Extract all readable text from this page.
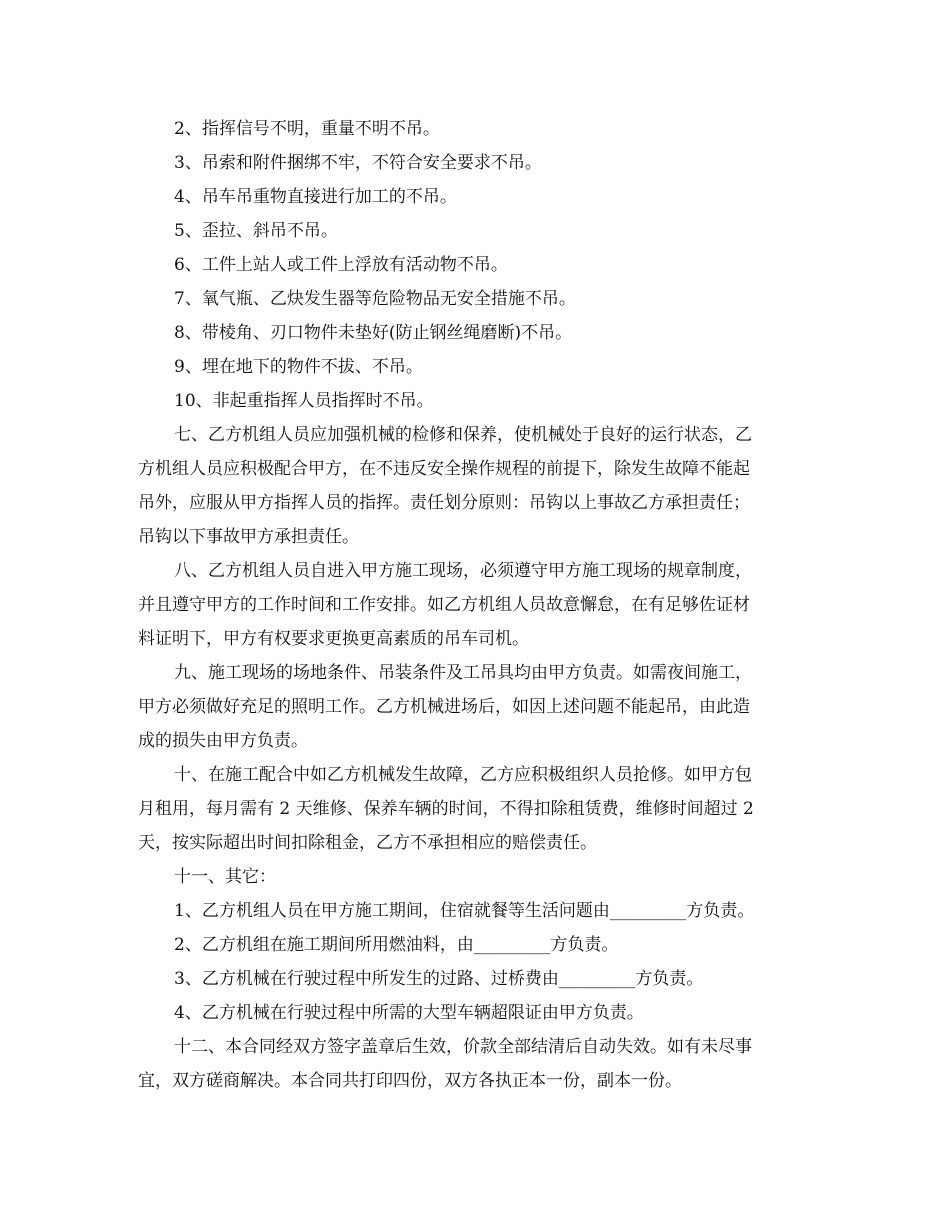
2、指挥信号不明，重量不明不吊。
3、吊索和附件捆绑不牢，不符合安全要求不吊。
4、吊车吊重物直接进行加工的不吊。
5、歪拉、斜吊不吊。
6、工件上站人或工件上浮放有活动物不吊。
7、氧气瓶、乙炔发生器等危险物品无安全措施不吊。
8、带棱角、刃口物件未垫好(防止钢丝绳磨断)不吊。
9、埋在地下的物件不拔、不吊。
10、非起重指挥人员指挥时不吊。
七、乙方机组人员应加强机械的检修和保养，使机械处于良好的运行状态，乙
方机组人员应积极配合甲方，在不违反安全操作规程的前提下，除发生故障不能起
吊外，应服从甲方指挥人员的指挥。责任划分原则：吊钩以上事故乙方承担责任；
吊钩以下事故甲方承担责任。
八、乙方机组人员自进入甲方施工现场，必须遵守甲方施工现场的规章制度，
并且遵守甲方的工作时间和工作安排。如乙方机组人员故意懈怠，在有足够佐证材
料证明下，甲方有权要求更换更高素质的吊车司机。
九、施工现场的场地条件、吊装条件及工吊具均由甲方负责。如需夜间施工，
甲方必须做好充足的照明工作。乙方机械进场后，如因上述问题不能起吊，由此造
成的损失由甲方负责。
十、在施工配合中如乙方机械发生故障，乙方应积极组织人员抢修。如甲方包
月租用，每月需有 2 天维修、保养车辆的时间，不得扣除租赁费，维修时间超过 2
天，按实际超出时间扣除租金，乙方不承担相应的赔偿责任。
十一、其它：
1、乙方机组人员在甲方施工期间，住宿就餐等生活问题由_________方负责。
2、乙方机组在施工期间所用燃油料，由_________方负责。
3、乙方机械在行驶过程中所发生的过路、过桥费由_________方负责。
4、乙方机械在行驶过程中所需的大型车辆超限证由甲方负责。
十二、本合同经双方签字盖章后生效，价款全部结清后自动失效。如有未尽事
宜，双方磋商解决。本合同共打印四份，双方各执正本一份，副本一份。
